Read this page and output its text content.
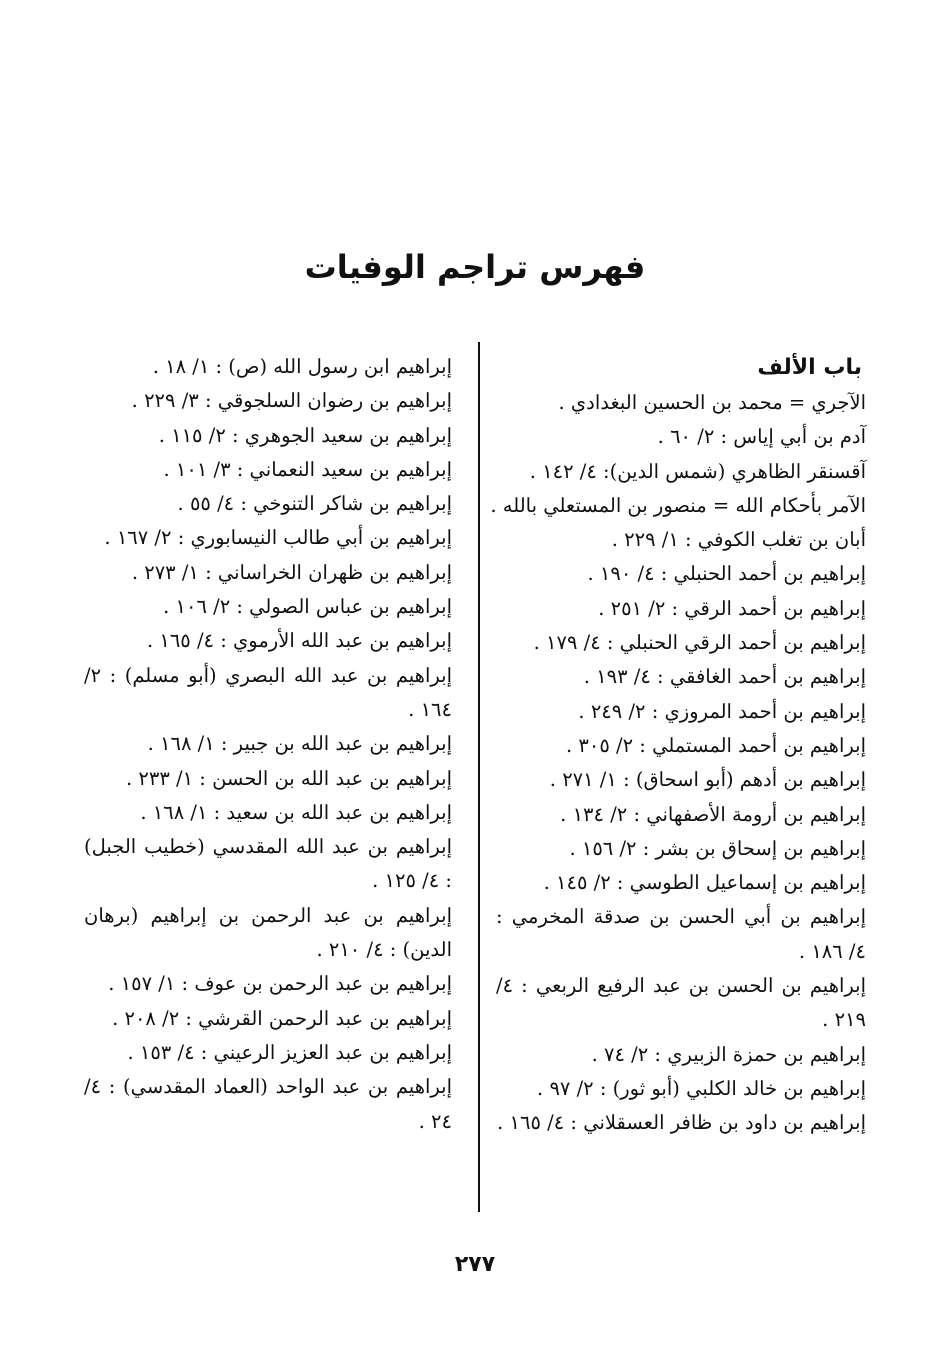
فهرس تراجم الوفيات
باب الألف
الآجري = محمد بن الحسين البغدادي .
آدم بن أبي إياس : ٢/ ٦٠ .
آقسنقر الظاهري (شمس الدين): ٤/ ١٤٢ .
الآمر بأحكام الله = منصور بن المستعلي بالله .
أبان بن تغلب الكوفي : ١/ ٢٢٩ .
إبراهيم بن أحمد الحنبلي : ٤/ ١٩٠ .
إبراهيم بن أحمد الرقي : ٢/ ٢٥١ .
إبراهيم بن أحمد الرقي الحنبلي : ٤/ ١٧٩ .
إبراهيم بن أحمد الغافقي : ٤/ ١٩٣ .
إبراهيم بن أحمد المروزي : ٢/ ٢٤٩ .
إبراهيم بن أحمد المستملي : ٢/ ٣٠٥ .
إبراهيم بن أدهم (أبو اسحاق) : ١/ ٢٧١ .
إبراهيم بن أرومة الأصفهاني : ٢/ ١٣٤ .
إبراهيم بن إسحاق بن بشر : ٢/ ١٥٦ .
إبراهيم بن إسماعيل الطوسي : ٢/ ١٤٥ .
إبراهيم بن أبي الحسن بن صدقة المخرمي : ٤/ ١٨٦ .
إبراهيم بن الحسن بن عبد الرفيع الربعي : ٤/ ٢١٩ .
إبراهيم بن حمزة الزبيري : ٢/ ٧٤ .
إبراهيم بن خالد الكلبي (أبو ثور) : ٢/ ٩٧ .
إبراهيم بن داود بن ظافر العسقلاني : ٤/ ١٦٥ .
إبراهيم ابن رسول الله (ص) : ١/ ١٨ .
إبراهيم بن رضوان السلجوقي : ٣/ ٢٢٩ .
إبراهيم بن سعيد الجوهري : ٢/ ١١٥ .
إبراهيم بن سعيد النعماني : ٣/ ١٠١ .
إبراهيم بن شاكر التنوخي : ٤/ ٥٥ .
إبراهيم بن أبي طالب النيسابوري : ٢/ ١٦٧ .
إبراهيم بن ظهران الخراساني : ١/ ٢٧٣ .
إبراهيم بن عباس الصولي : ٢/ ١٠٦ .
إبراهيم بن عبد الله الأرموي : ٤/ ١٦٥ .
إبراهيم بن عبد الله البصري (أبو مسلم) : ٢/ ١٦٤ .
إبراهيم بن عبد الله بن جبير : ١/ ١٦٨ .
إبراهيم بن عبد الله بن الحسن : ١/ ٢٣٣ .
إبراهيم بن عبد الله بن سعيد : ١/ ١٦٨ .
إبراهيم بن عبد الله المقدسي (خطيب الجبل) : ٤/ ١٢٥ .
إبراهيم بن عبد الرحمن بن إبراهيم (برهان الدين) : ٤/ ٢١٠ .
إبراهيم بن عبد الرحمن بن عوف : ١/ ١٥٧ .
إبراهيم بن عبد الرحمن القرشي : ٢/ ٢٠٨ .
إبراهيم بن عبد العزيز الرعيني : ٤/ ١٥٣ .
إبراهيم بن عبد الواحد (العماد المقدسي) : ٤/ ٢٤ .
٢٧٧
